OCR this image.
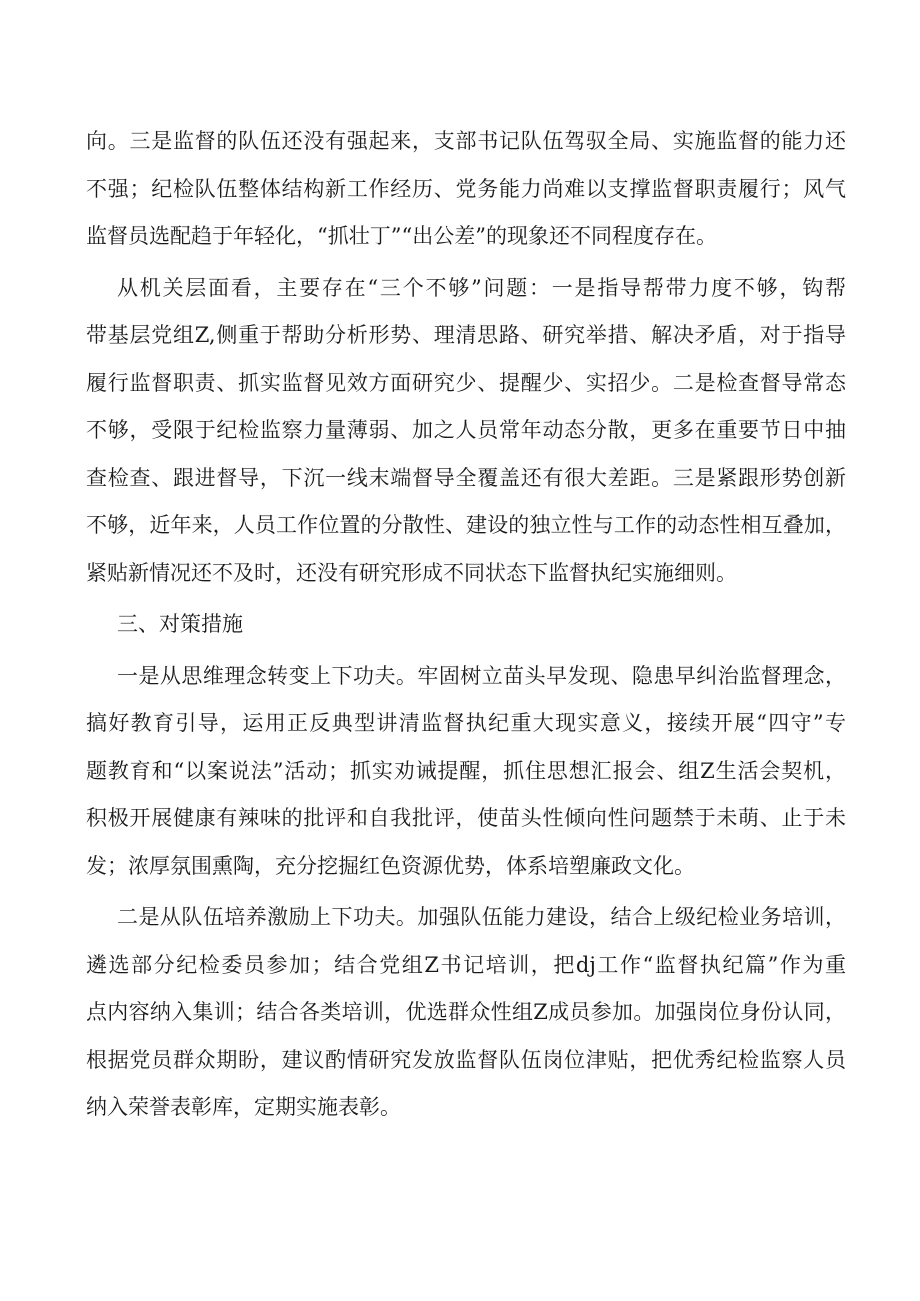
向。三是监督的队伍还没有强起来，支部书记队伍驾驭全局、实施监督的能力还
不强；纪检队伍整体结构新工作经历、党务能力尚难以支撑监督职责履行；风气
监督员选配趋于年轻化，“抓壮丁”“出公差”的现象还不同程度存在。
从机关层面看，主要存在“三个不够”问题：一是指导帮带力度不够，钩帮
带基层党组Z,侧重于帮助分析形势、理清思路、研究举措、解决矛盾，对于指导
履行监督职责、抓实监督见效方面研究少、提醒少、实招少。二是检查督导常态
不够，受限于纪检监察力量薄弱、加之人员常年动态分散，更多在重要节日中抽
查检查、跟进督导，下沉一线末端督导全覆盖还有很大差距。三是紧跟形势创新
不够，近年来，人员工作位置的分散性、建设的独立性与工作的动态性相互叠加，
紧贴新情况还不及时，还没有研究形成不同状态下监督执纪实施细则。
三、对策措施
一是从思维理念转变上下功夫。牢固树立苗头早发现、隐患早纠治监督理念，
搞好教育引导，运用正反典型讲清监督执纪重大现实意义，接续开展“四守”专
题教育和“以案说法”活动；抓实劝诫提醒，抓住思想汇报会、组Z生活会契机，
积极开展健康有辣味的批评和自我批评，使苗头性倾向性问题禁于未萌、止于未
发；浓厚氛围熏陶，充分挖掘红色资源优势，体系培塑廉政文化。
二是从队伍培养激励上下功夫。加强队伍能力建设，结合上级纪检业务培训，
遴选部分纪检委员参加；结合党组Z书记培训，把dj工作“监督执纪篇”作为重
点内容纳入集训；结合各类培训，优选群众性组Z成员参加。加强岗位身份认同，
根据党员群众期盼，建议酌情研究发放监督队伍岗位津贴，把优秀纪检监察人员
纳入荣誉表彰库，定期实施表彰。
